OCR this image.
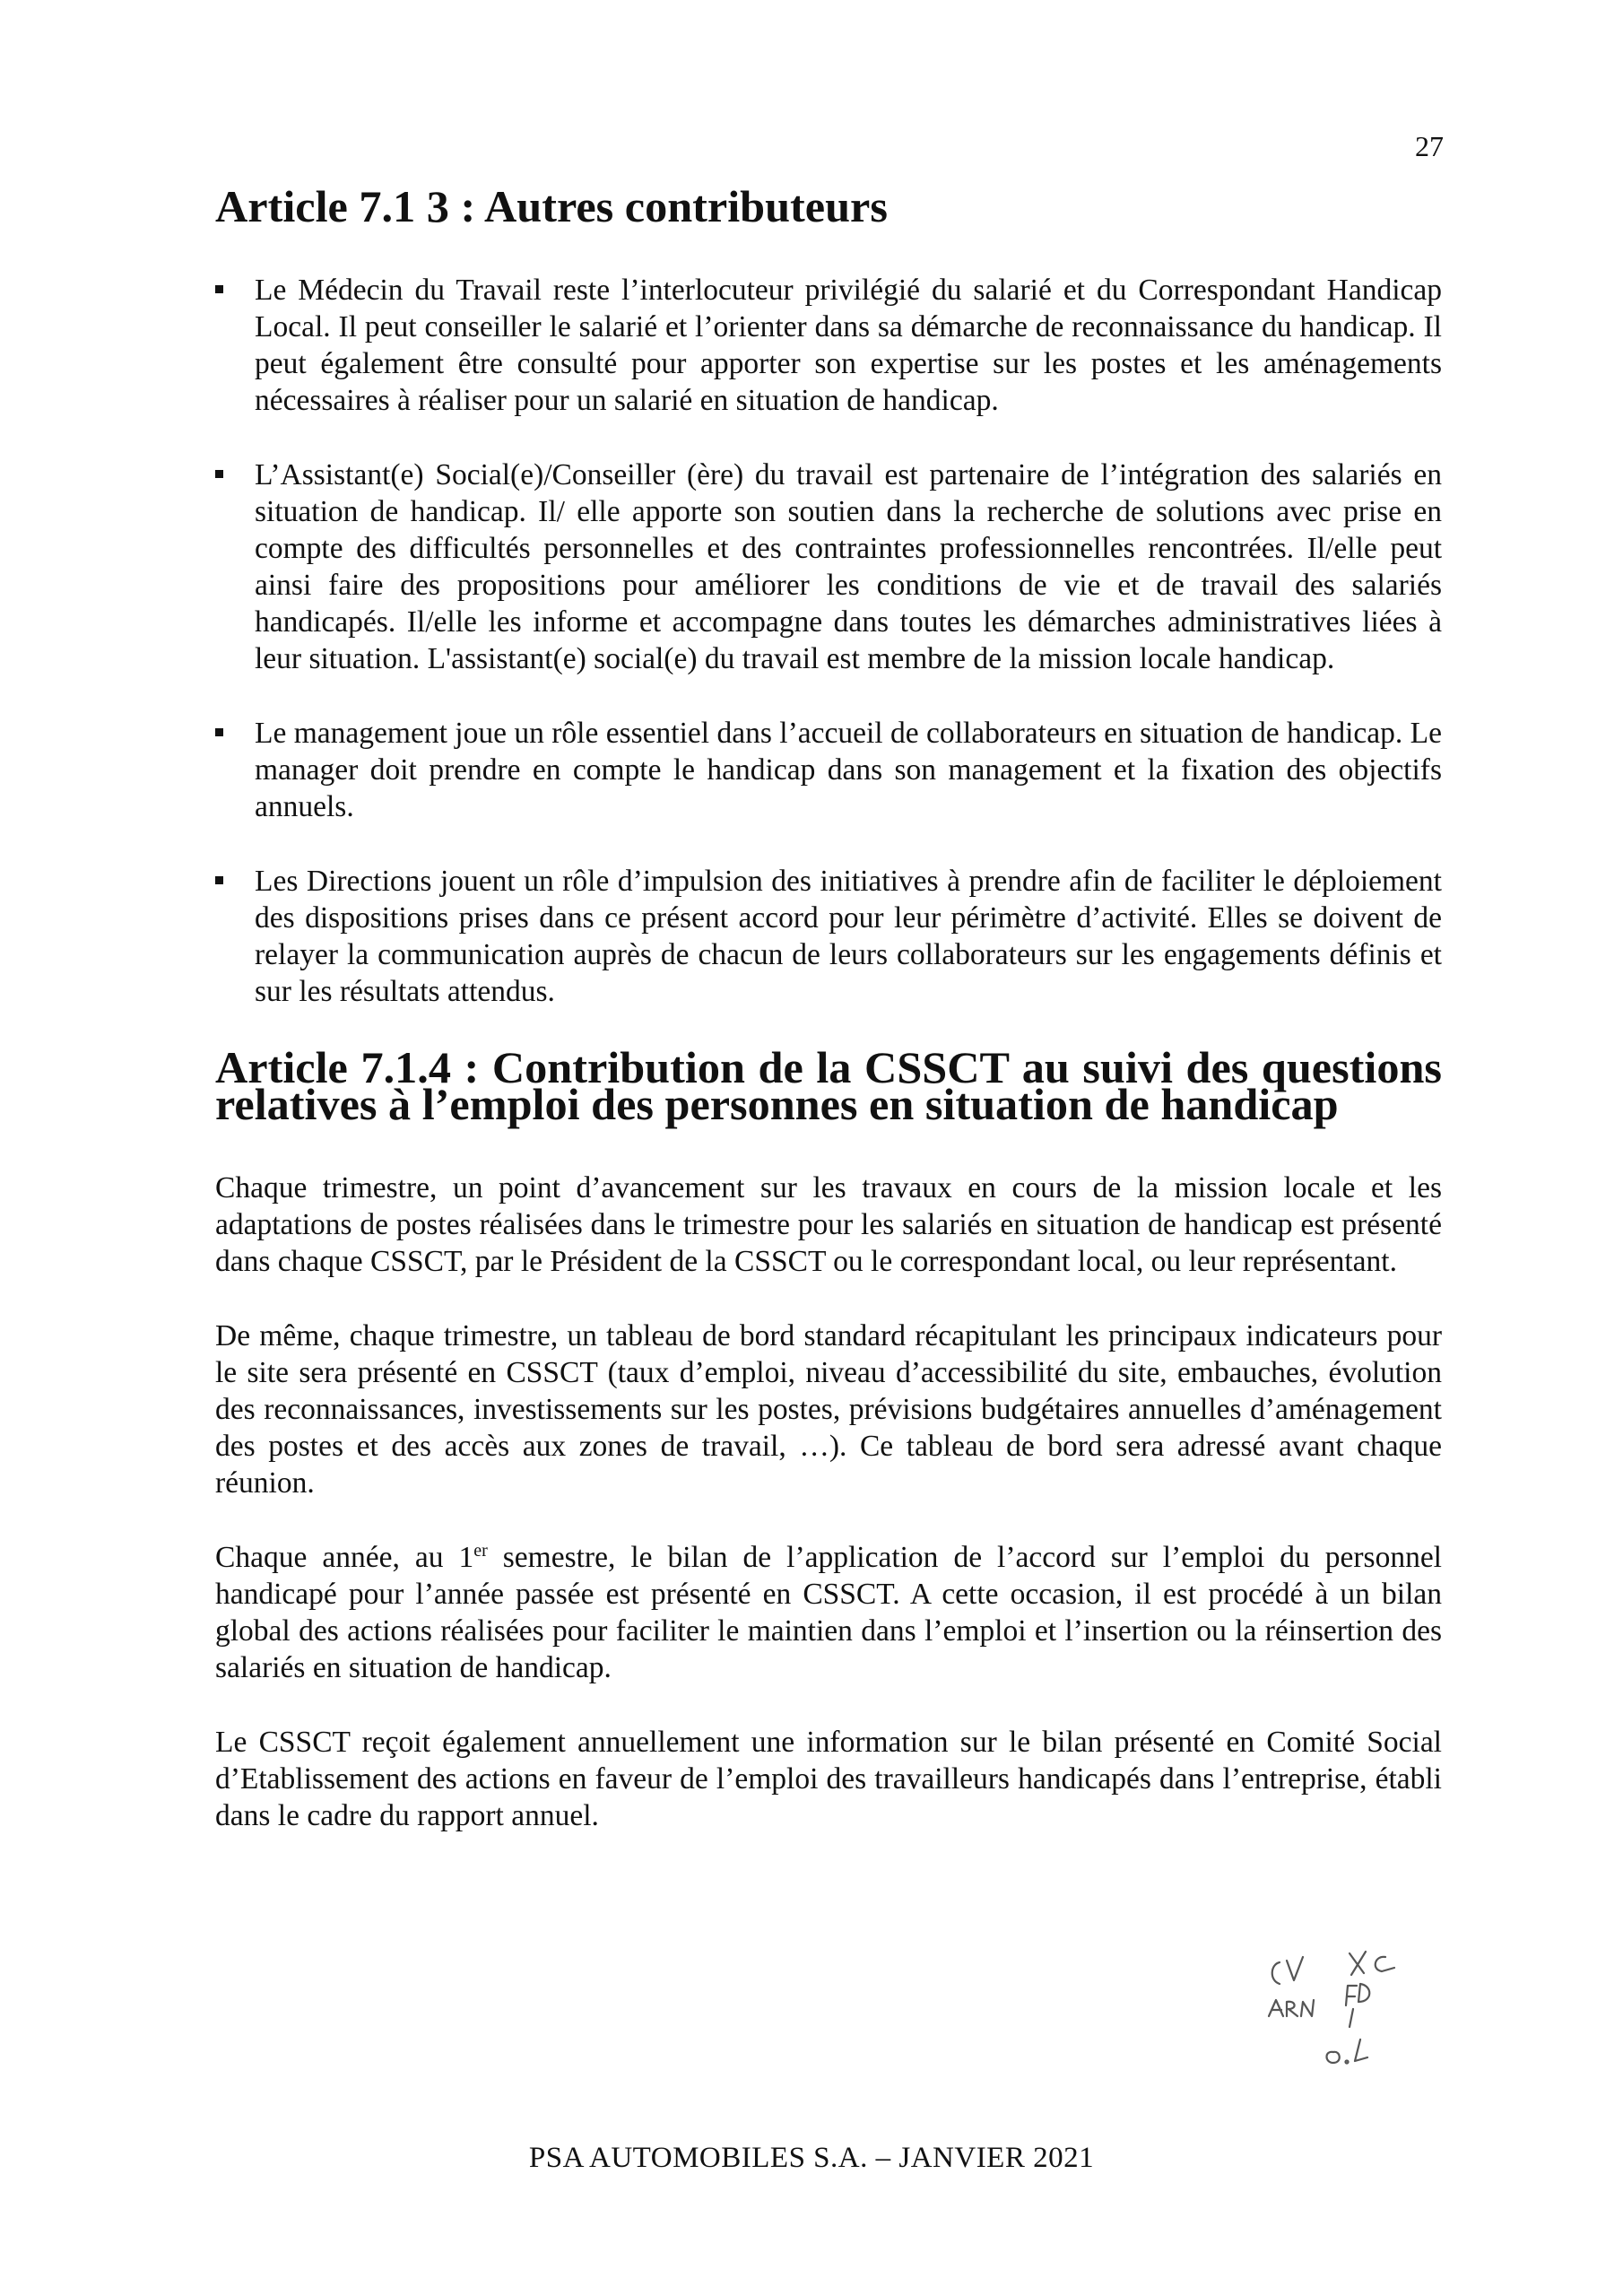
27
Article 7.1 3 : Autres contributeurs
Le Médecin du Travail reste l’interlocuteur privilégié du salarié et du Correspondant Handicap Local. Il peut conseiller le salarié et l’orienter dans sa démarche de reconnaissance du handicap. Il peut également être consulté pour apporter son expertise sur les postes et les aménagements nécessaires à réaliser pour un salarié en situation de handicap.
L’Assistant(e) Social(e)/Conseiller (ère) du travail est partenaire de l’intégration des salariés en situation de handicap. Il/ elle apporte son soutien dans la recherche de solutions avec prise en compte des difficultés personnelles et des contraintes professionnelles rencontrées. Il/elle peut ainsi faire des propositions pour améliorer les conditions de vie et de travail des salariés handicapés. Il/elle les informe et accompagne dans toutes les démarches administratives liées à leur situation. L'assistant(e) social(e) du travail est membre de la mission locale handicap.
Le management joue un rôle essentiel dans l’accueil de collaborateurs en situation de handicap. Le manager doit prendre en compte le handicap dans son management et la fixation des objectifs annuels.
Les Directions jouent un rôle d’impulsion des initiatives à prendre afin de faciliter le déploiement des dispositions prises dans ce présent accord pour leur périmètre d’activité. Elles se doivent de relayer la communication auprès de chacun de leurs collaborateurs sur les engagements définis et sur les résultats attendus.
Article 7.1.4 : Contribution de la CSSCT au suivi des questions relatives à l’emploi des personnes en situation de handicap

Chaque trimestre, un point d’avancement sur les travaux en cours de la mission locale et les adaptations de postes réalisées dans le trimestre pour les salariés en situation de handicap est présenté dans chaque CSSCT, par le Président de la CSSCT ou le correspondant local, ou leur représentant.

De même, chaque trimestre, un tableau de bord standard récapitulant les principaux indicateurs pour le site sera présenté en CSSCT (taux d’emploi, niveau d’accessibilité du site, embauches, évolution des reconnaissances, investissements sur les postes, prévisions budgétaires annuelles d’aménagement des postes et des accès aux zones de travail, …). Ce tableau de bord sera adressé avant chaque réunion.

Chaque année, au 1er semestre, le bilan de l’application de l’accord sur l’emploi du personnel handicapé pour l’année passée est présenté en CSSCT. A cette occasion, il est procédé à un bilan global des actions réalisées pour faciliter le maintien dans l’emploi et l’insertion ou la réinsertion des salariés en situation de handicap.

Le CSSCT reçoit également annuellement une information sur le bilan présenté en Comité Social d’Etablissement des actions en faveur de l’emploi des travailleurs handicapés dans l’entreprise, établi dans le cadre du rapport annuel.

PSA AUTOMOBILES S.A. – JANVIER 2021
